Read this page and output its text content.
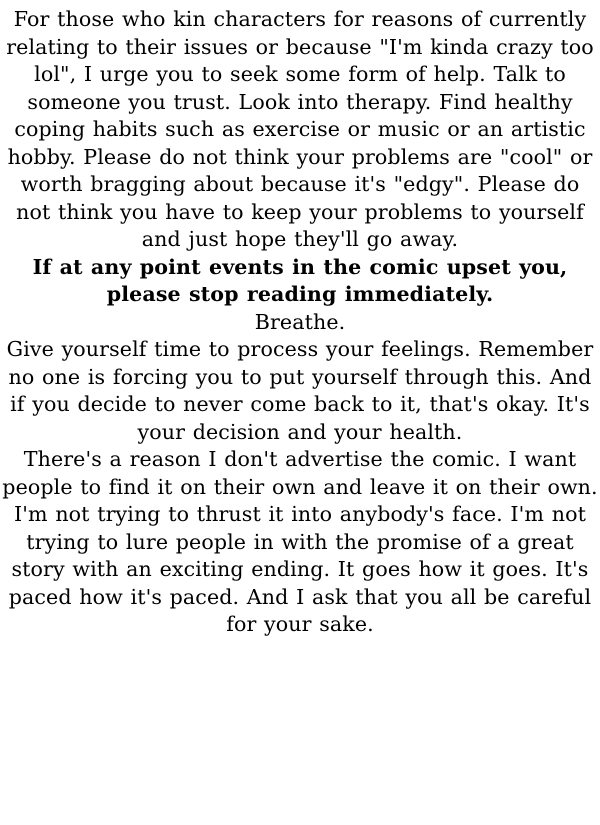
For those who kin characters for reasons of currently relating to their issues or because "I'm kinda crazy too lol", I urge you to seek some form of help. Talk to someone you trust. Look into therapy. Find healthy coping habits such as exercise or music or an artistic hobby. Please do not think your problems are "cool" or worth bragging about because it's "edgy". Please do not think you have to keep your problems to yourself and just hope they'll go away.

If at any point events in the comic upset you, please stop reading immediately.

Breathe.

Give yourself time to process your feelings. Remember no one is forcing you to put yourself through this. And if you decide to never come back to it, that's okay. It's your decision and your health.

There's a reason I don't advertise the comic. I want people to find it on their own and leave it on their own. I'm not trying to thrust it into anybody's face. I'm not trying to lure people in with the promise of a great story with an exciting ending. It goes how it goes. It's paced how it's paced. And I ask that you all be careful for your sake.
